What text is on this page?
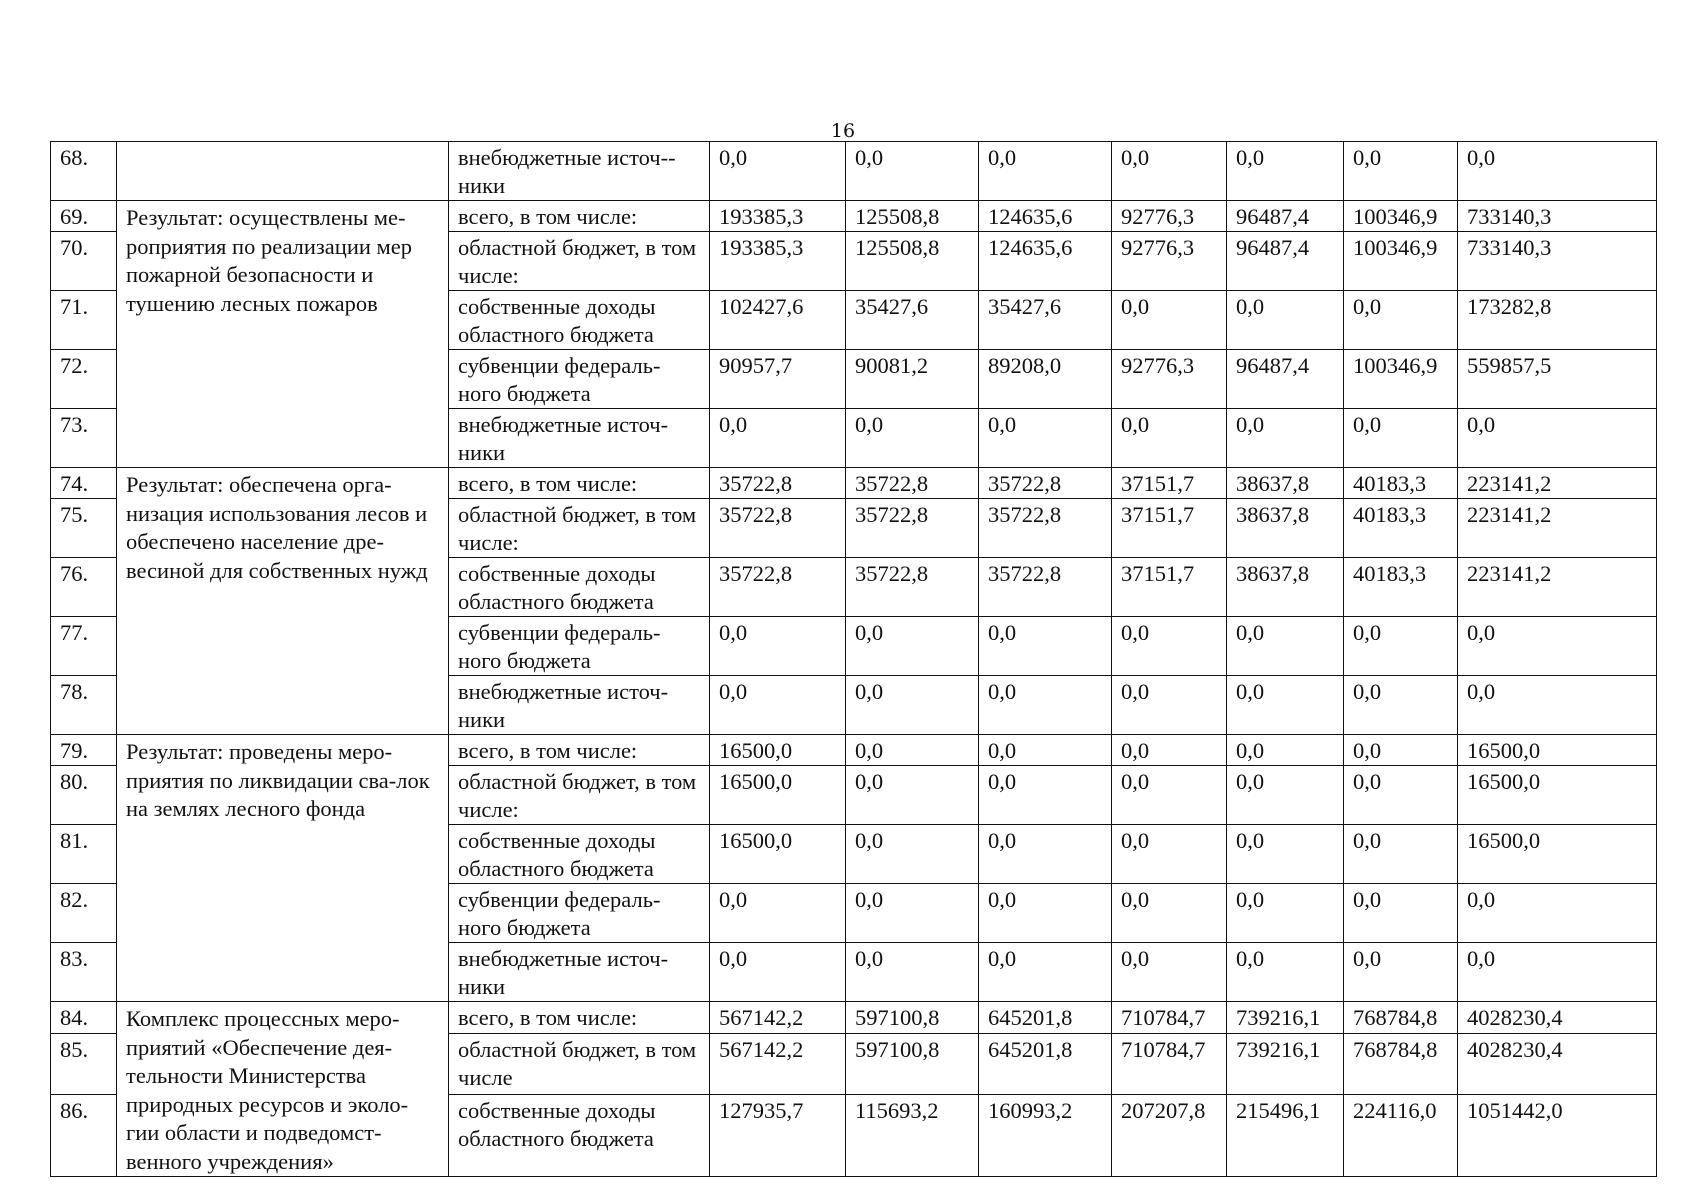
16
68.		внебюджетные источ-ники	0,0	0,0	0,0	0,0	0,0	0,0	0,0
69.	Результат: осуществлены ме-роприятия по реализации мер пожарной безопасности и тушению лесных пожаров	всего, в том числе:	193385,3	125508,8	124635,6	92776,3	96487,4	100346,9	733140,3
70.		областной бюджет, в том числе:	193385,3	125508,8	124635,6	92776,3	96487,4	100346,9	733140,3
71.		собственные доходы областного бюджета	102427,6	35427,6	35427,6	0,0	0,0	0,0	173282,8
72.		субвенции федераль-ного бюджета	90957,7	90081,2	89208,0	92776,3	96487,4	100346,9	559857,5
73.		внебюджетные источ-ники	0,0	0,0	0,0	0,0	0,0	0,0	0,0
74.	Результат: обеспечена орга-низация использования лесов и обеспечено население дре-весиной для собственных нужд	всего, в том числе:	35722,8	35722,8	35722,8	37151,7	38637,8	40183,3	223141,2
75.		областной бюджет, в том числе:	35722,8	35722,8	35722,8	37151,7	38637,8	40183,3	223141,2
76.		собственные доходы областного бюджета	35722,8	35722,8	35722,8	37151,7	38637,8	40183,3	223141,2
77.		субвенции федераль-ного бюджета	0,0	0,0	0,0	0,0	0,0	0,0	0,0
78.		внебюджетные источ-ники	0,0	0,0	0,0	0,0	0,0	0,0	0,0
79.	Результат: проведены меро-приятия по ликвидации сва-лок на землях лесного фонда	всего, в том числе:	16500,0	0,0	0,0	0,0	0,0	0,0	16500,0
80.		областной бюджет, в том числе:	16500,0	0,0	0,0	0,0	0,0	0,0	16500,0
81.		собственные доходы областного бюджета	16500,0	0,0	0,0	0,0	0,0	0,0	16500,0
82.		субвенции федераль-ного бюджета	0,0	0,0	0,0	0,0	0,0	0,0	0,0
83.		внебюджетные источ-ники	0,0	0,0	0,0	0,0	0,0	0,0	0,0
84.	Комплекс процессных меро-приятий «Обеспечение дея-тельности Министерства природных ресурсов и эколо-гии области и подведомст-венного учреждения»	всего, в том числе:	567142,2	597100,8	645201,8	710784,7	739216,1	768784,8	4028230,4
85.		областной бюджет, в том числе	567142,2	597100,8	645201,8	710784,7	739216,1	768784,8	4028230,4
86.		собственные доходы областного бюджета	127935,7	115693,2	160993,2	207207,8	215496,1	224116,0	1051442,0
